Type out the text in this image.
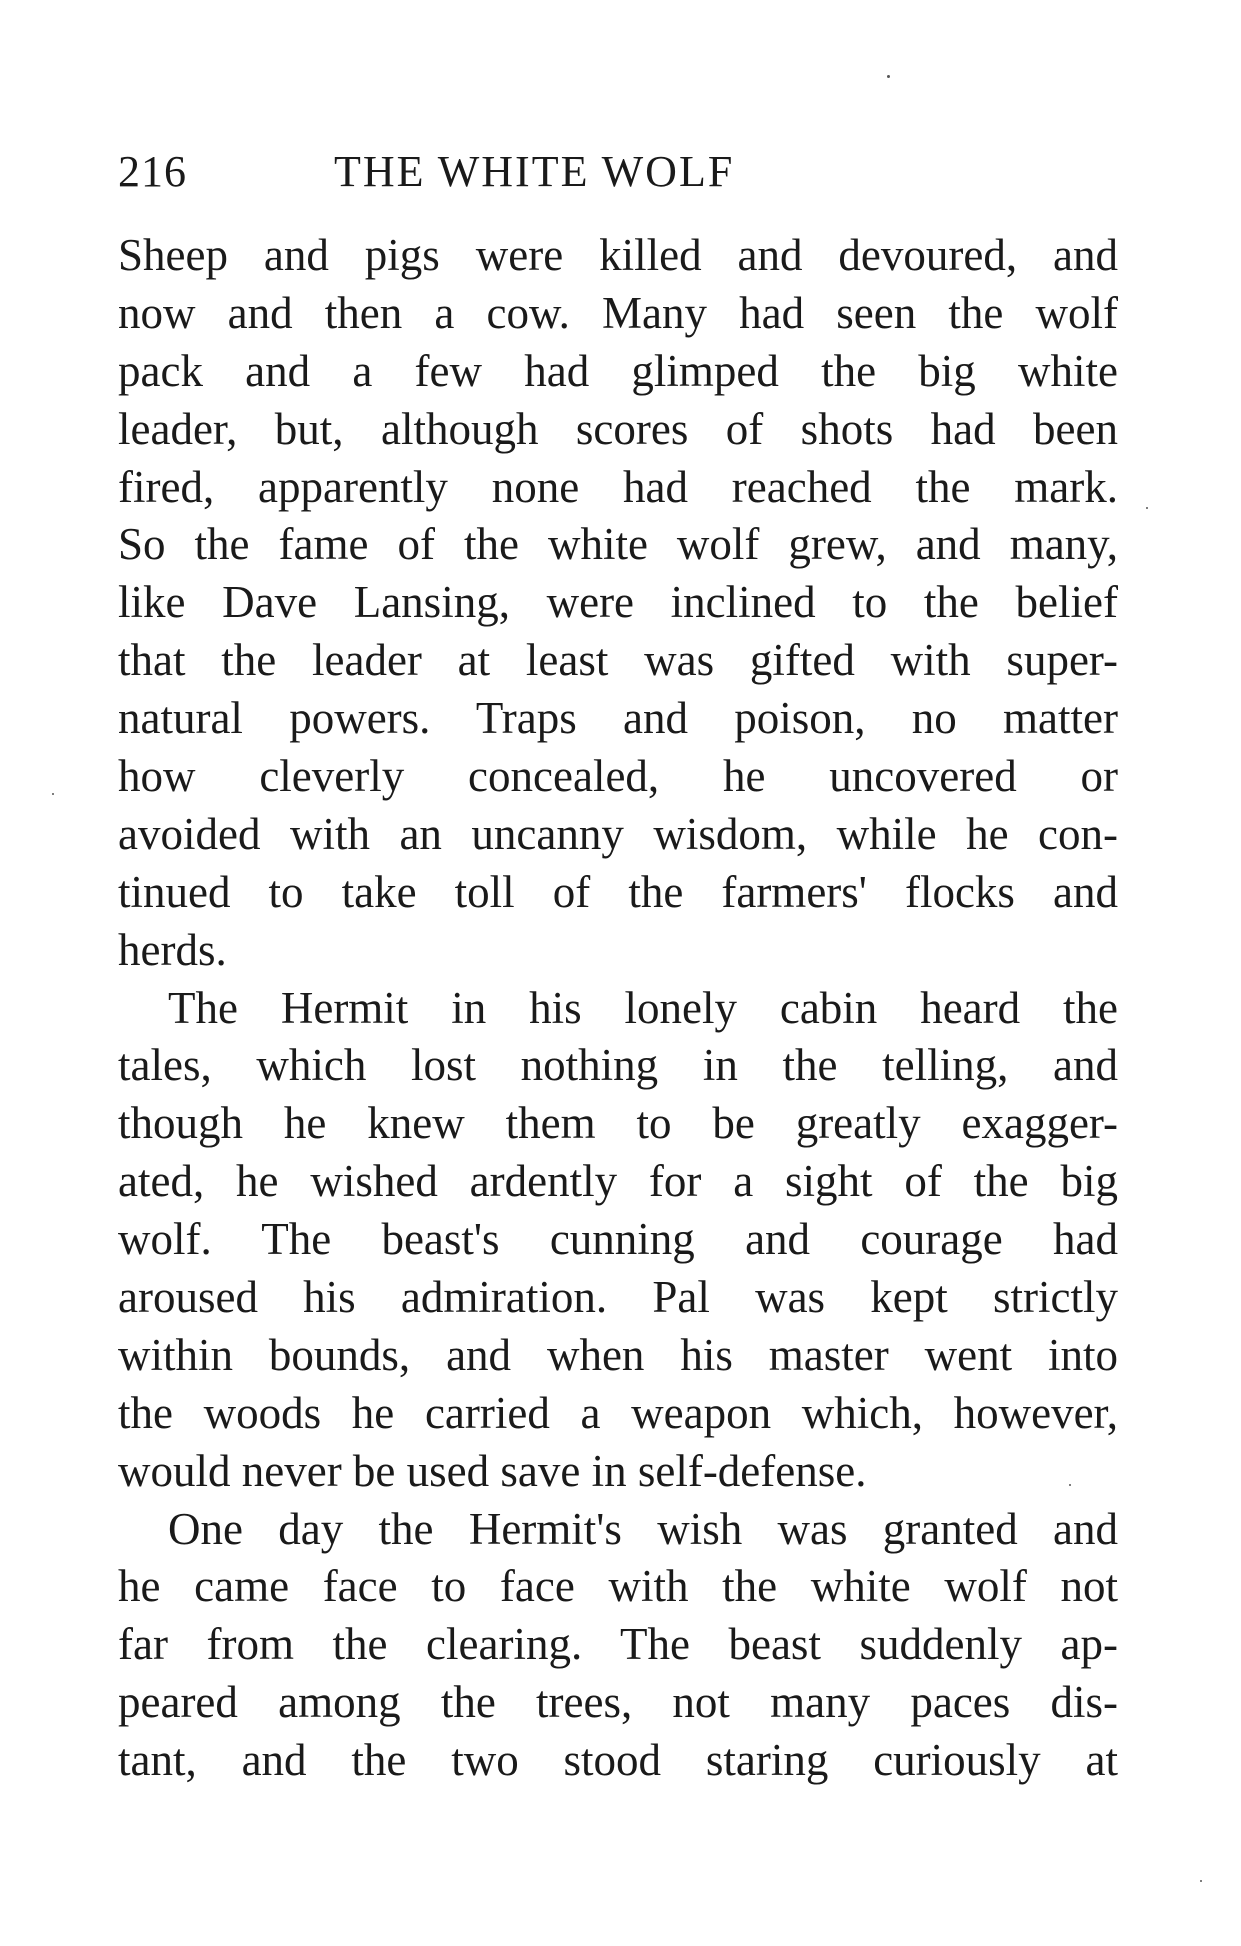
216	THE WHITE WOLF
Sheep and pigs were killed and devoured, and
now and then a cow. Many had seen the wolf
pack and a few had glimped the big white
leader, but, although scores of shots had been
fired, apparently none had reached the mark.
So the fame of the white wolf grew, and many,
like Dave Lansing, were inclined to the belief
that the leader at least was gifted with super-
natural powers. Traps and poison, no matter
how cleverly concealed, he uncovered or
avoided with an uncanny wisdom, while he con-
tinued to take toll of the farmers' flocks and
herds.
The Hermit in his lonely cabin heard the
tales, which lost nothing in the telling, and
though he knew them to be greatly exagger-
ated, he wished ardently for a sight of the big
wolf. The beast's cunning and courage had
aroused his admiration. Pal was kept strictly
within bounds, and when his master went into
the woods he carried a weapon which, however,
would never be used save in self-defense.
One day the Hermit's wish was granted and
he came face to face with the white wolf not
far from the clearing. The beast suddenly ap-
peared among the trees, not many paces dis-
tant, and the two stood staring curiously at
